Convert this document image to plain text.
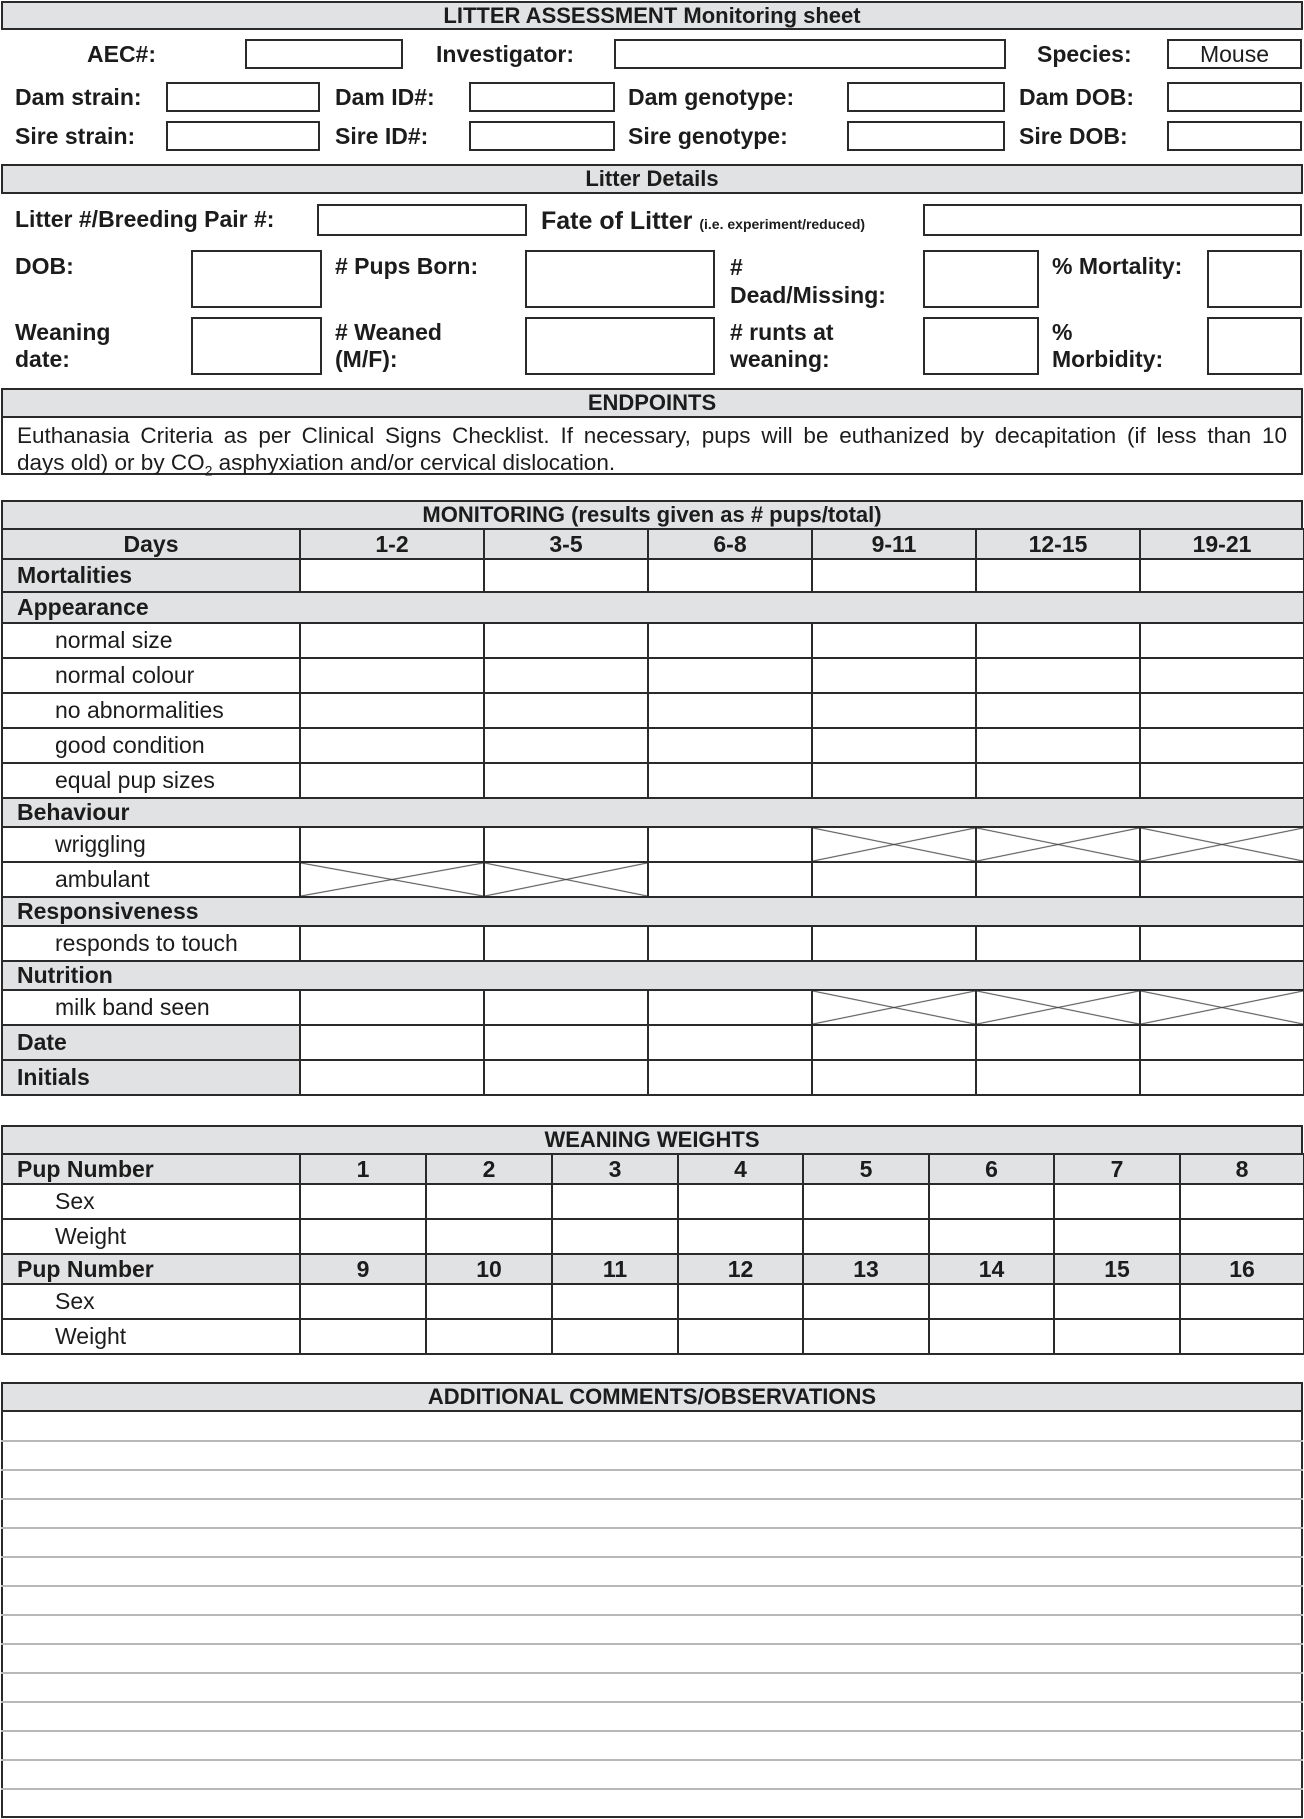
LITTER ASSESSMENT Monitoring sheet
AEC#:	Investigator:	Species:	Mouse
Dam strain:	Dam ID#:	Dam genotype:	Dam DOB:
Sire strain:	Sire ID#:	Sire genotype:	Sire DOB:
Litter Details
Litter #/Breeding Pair #:	Fate of Litter (i.e. experiment/reduced)
DOB:	# Pups Born:	#
Dead/Missing:
% Mortality:
Weaning
date:
# Weaned
(M/F):
# runts at
weaning:
%
Morbidity:
ENDPOINTS
Euthanasia Criteria as per Clinical Signs Checklist. If necessary, pups will be euthanized by decapitation (if less than 10
days old) or by $CO_2$ asphyxiation and/or cervical dislocation.
MONITORING (results given as # pups/total)
Days	1-2	3-5	6-8	9-11	12-15	19-21
Mortalities						
Appearance						
normal size						
normal colour						
no abnormalities						
good condition						
equal pup sizes						
Behaviour						
wriggling						
ambulant						
Responsiveness						
responds to touch						
Nutrition						
milk band seen						
Date						
Initials						
WEANING WEIGHTS
Pup Number	1	2	3	4	5	6	7	8
Sex								
Weight								
Pup Number	9	10	11	12	13	14	15	16
Sex								
Weight								
ADDITIONAL COMMENTS/OBSERVATIONS
